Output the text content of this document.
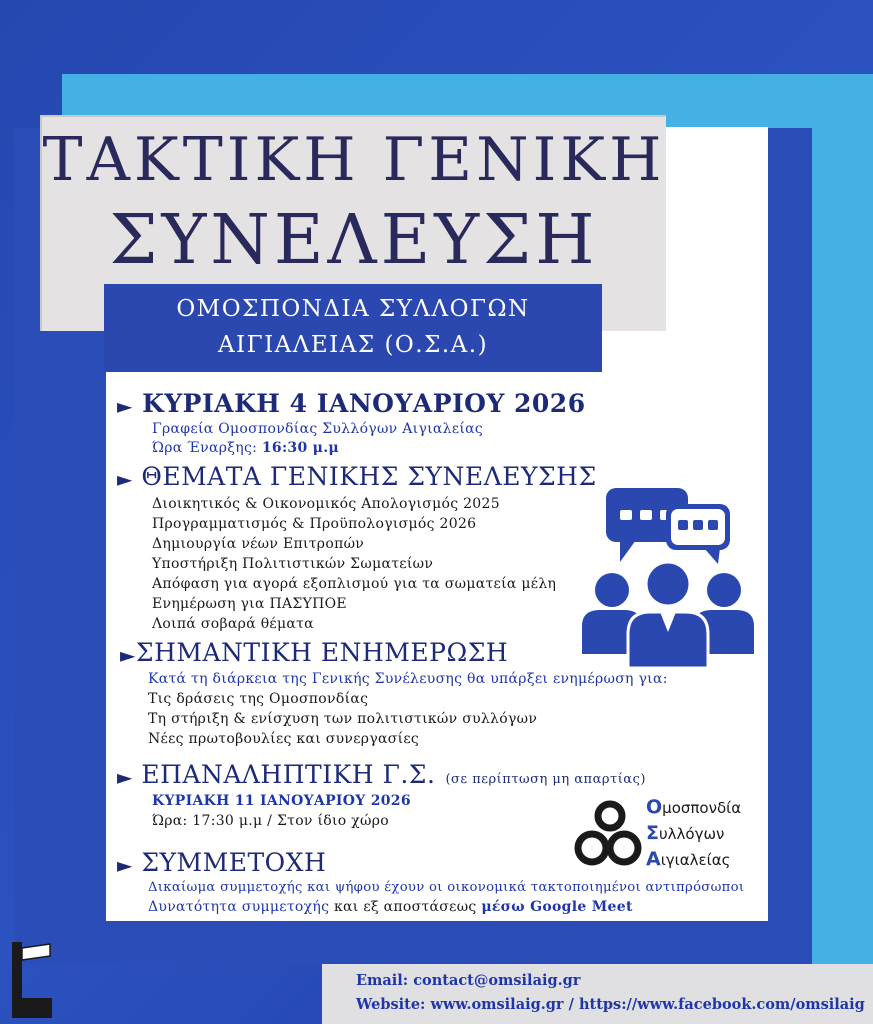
ΤΑΚΤΙΚΗ ΓΕΝΙΚΗ
ΣΥΝΕΛΕΥΣΗ
ΟΜΟΣΠΟΝΔΙΑ ΣΥΛΛΟΓΩΝ
ΑΙΓΙΑΛΕΙΑΣ (Ο.Σ.Α.)
► ΚΥΡΙΑΚΗ 4 ΙΑΝΟΥΑΡΙΟΥ 2026
Γραφεία Ομοσπονδίας Συλλόγων Αιγιαλείας
Ώρα Έναρξης: 16:30 μ.μ
► ΘΕΜΑΤΑ ΓΕΝΙΚΗΣ ΣΥΝΕΛΕΥΣΗΣ
Διοικητικός & Οικονομικός Απολογισμός 2025
Προγραμματισμός & Προϋπολογισμός 2026
Δημιουργία νέων Επιτροπών
Υποστήριξη Πολιτιστικών Σωματείων
Απόφαση για αγορά εξοπλισμού για τα σωματεία μέλη
Ενημέρωση για ΠΑΣΥΠΟΕ
Λοιπά σοβαρά θέματα
►ΣΗΜΑΝΤΙΚΗ ΕΝΗΜΕΡΩΣΗ
Κατά τη διάρκεια της Γενικής Συνέλευσης θα υπάρξει ενημέρωση για:
Τις δράσεις της Ομοσπονδίας
Τη στήριξη & ενίσχυση των πολιτιστικών συλλόγων
Νέες πρωτοβουλίες και συνεργασίες
► ΕΠΑΝΑΛΗΠΤΙΚΗ Γ.Σ. (σε περίπτωση μη απαρτίας)
ΚΥΡΙΑΚΗ 11 ΙΑΝΟΥΑΡΙΟΥ 2026
Ώρα: 17:30 μ.μ / Στον ίδιο χώρο
Ομοσπονδία
Συλλόγων
Αιγιαλείας
► ΣΥΜΜΕΤΟΧΗ
Δικαίωμα συμμετοχής και ψήφου έχουν οι οικονομικά τακτοποιημένοι αντιπρόσωποι
Δυνατότητα συμμετοχής και εξ αποστάσεως μέσω Google Meet
Email: contact@omsilaig.gr
Website: www.omsilaig.gr / https://www.facebook.com/omsilaig
